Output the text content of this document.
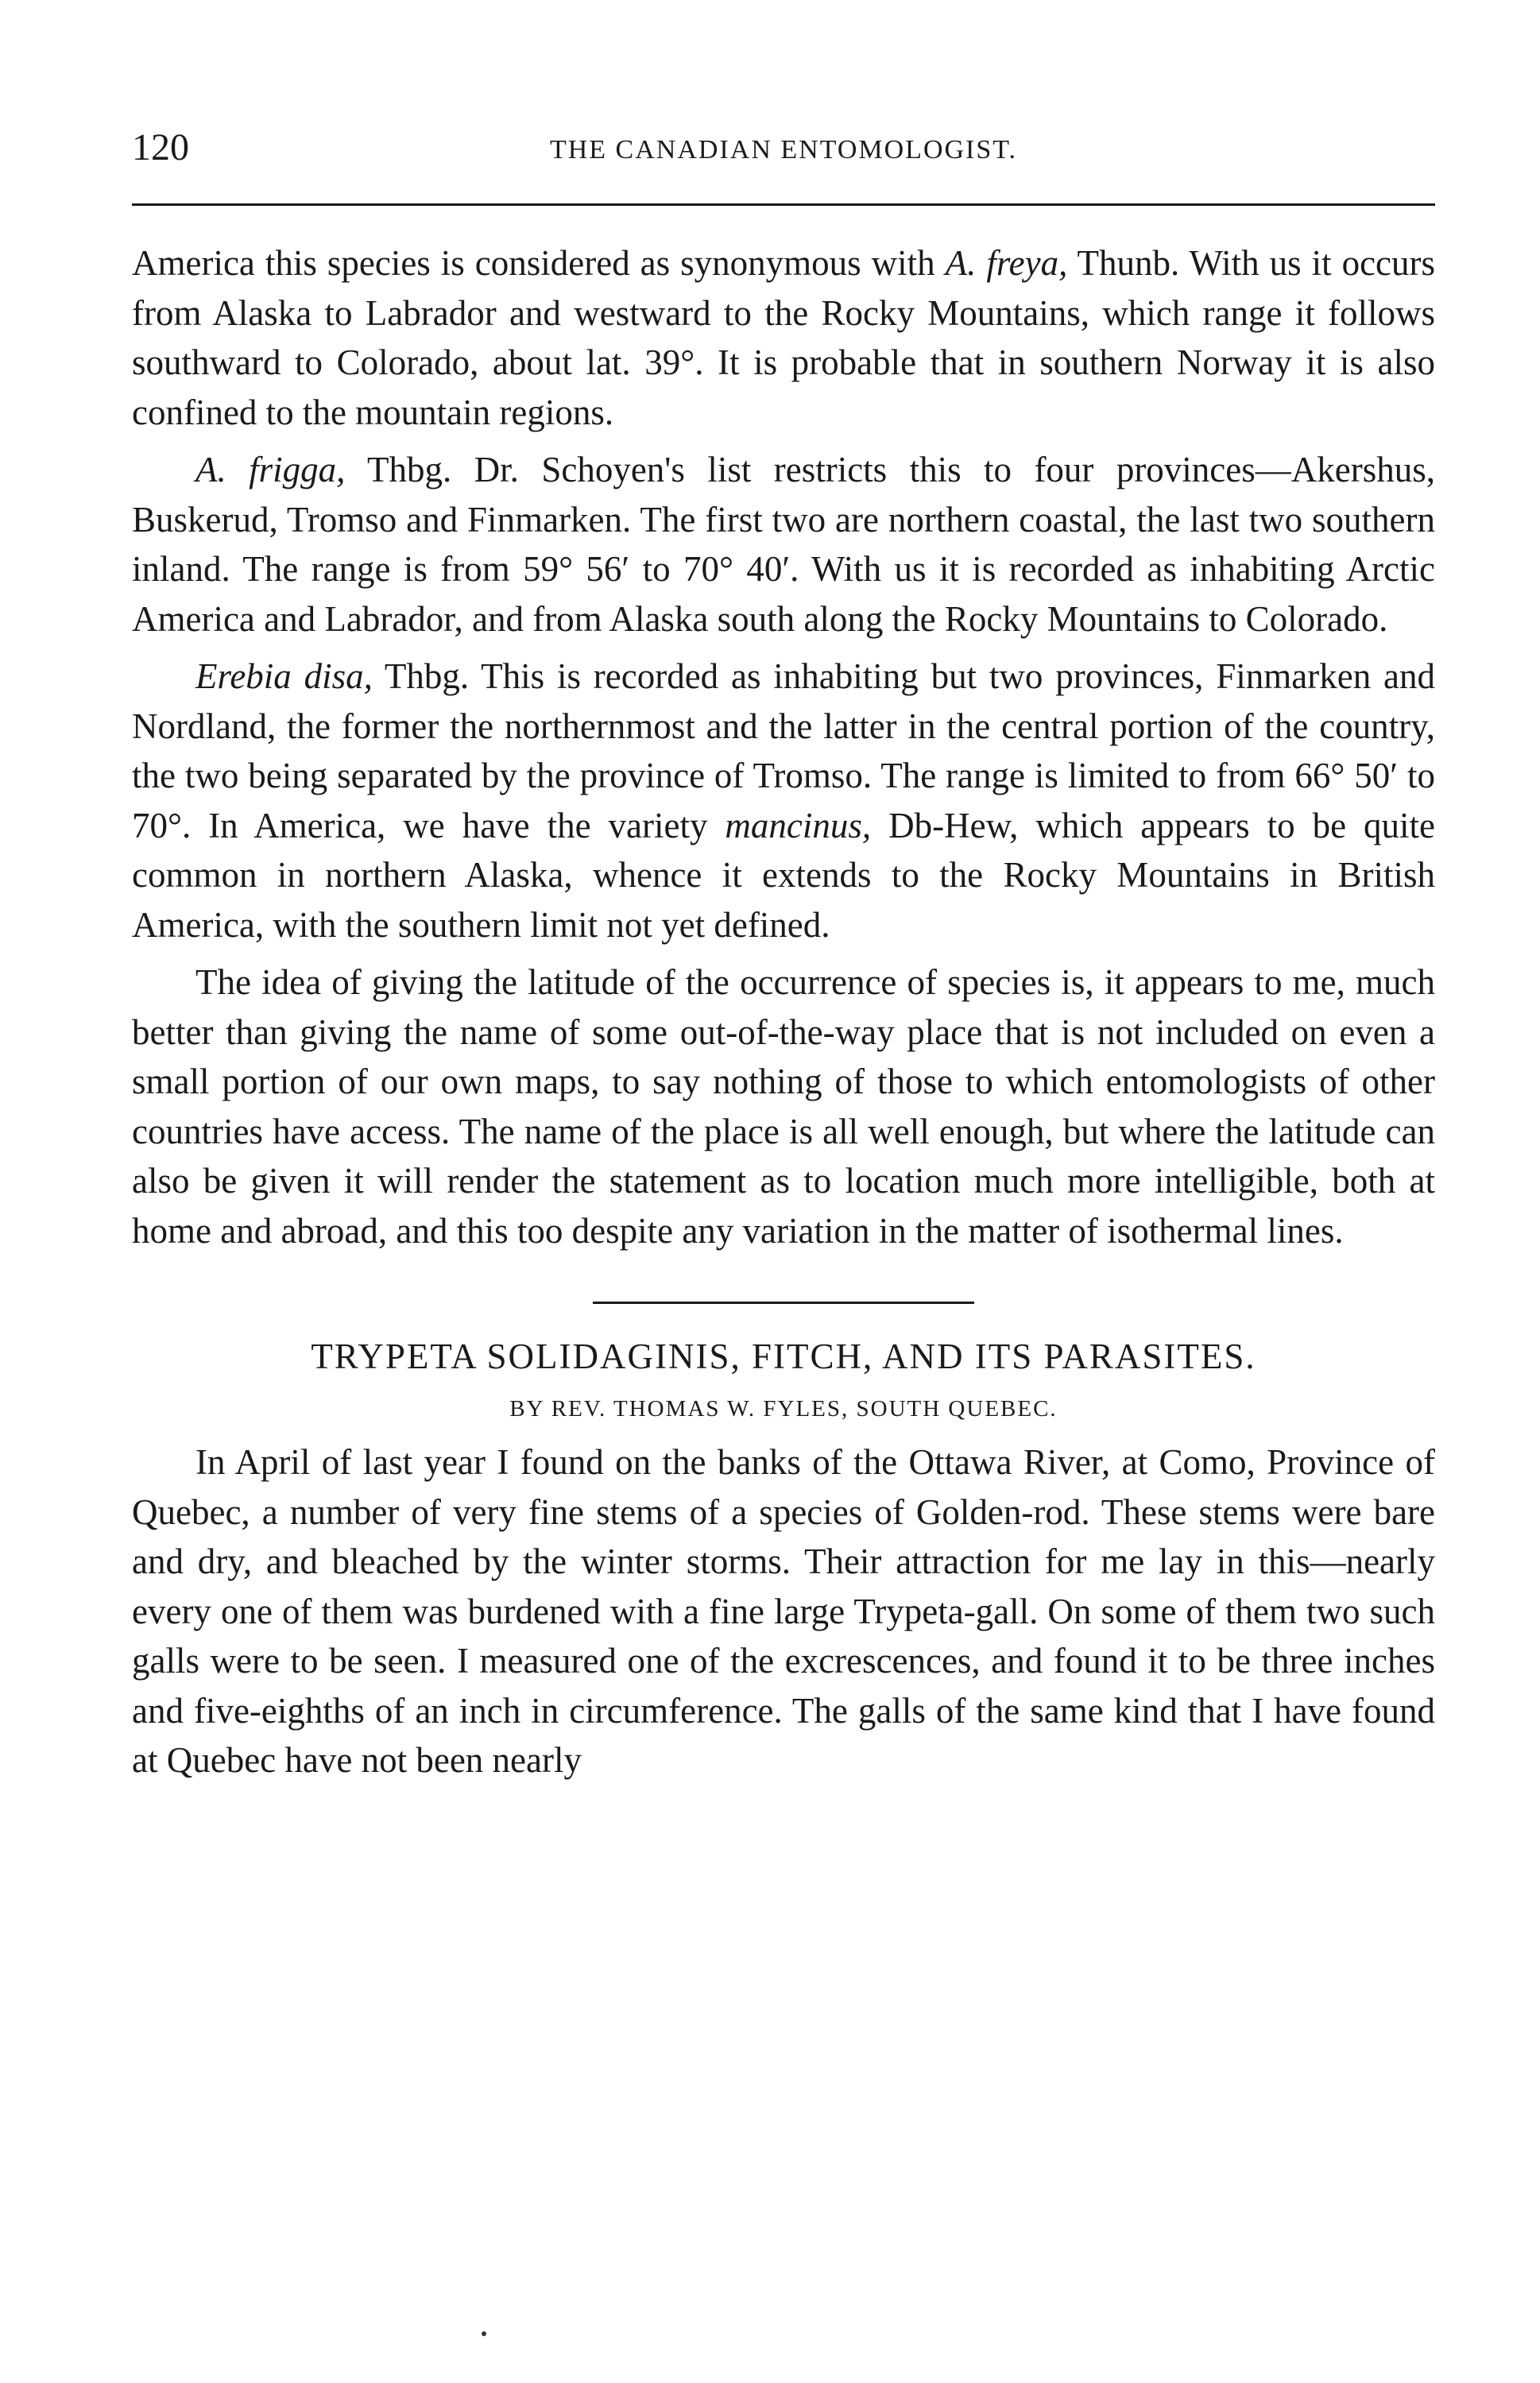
120	THE CANADIAN ENTOMOLOGIST.

America this species is considered as synonymous with A. freya, Thunb. With us it occurs from Alaska to Labrador and westward to the Rocky Mountains, which range it follows southward to Colorado, about lat. 39°. It is probable that in southern Norway it is also confined to the mountain regions.

A. frigga, Thbg. Dr. Schoyen's list restricts this to four provinces—Akershus, Buskerud, Tromso and Finmarken. The first two are northern coastal, the last two southern inland. The range is from 59° 56′ to 70° 40′. With us it is recorded as inhabiting Arctic America and Labrador, and from Alaska south along the Rocky Mountains to Colorado.

Erebia disa, Thbg. This is recorded as inhabiting but two provinces, Finmarken and Nordland, the former the northernmost and the latter in the central portion of the country, the two being separated by the province of Tromso. The range is limited to from 66° 50′ to 70°. In America, we have the variety mancinus, Db-Hew, which appears to be quite common in northern Alaska, whence it extends to the Rocky Mountains in British America, with the southern limit not yet defined.

The idea of giving the latitude of the occurrence of species is, it appears to me, much better than giving the name of some out-of-the-way place that is not included on even a small portion of our own maps, to say nothing of those to which entomologists of other countries have access. The name of the place is all well enough, but where the latitude can also be given it will render the statement as to location much more intelligible, both at home and abroad, and this too despite any variation in the matter of isothermal lines.

TRYPETA SOLIDAGINIS, FITCH, AND ITS PARASITES.
BY REV. THOMAS W. FYLES, SOUTH QUEBEC.

In April of last year I found on the banks of the Ottawa River, at Como, Province of Quebec, a number of very fine stems of a species of Golden-rod. These stems were bare and dry, and bleached by the winter storms. Their attraction for me lay in this—nearly every one of them was burdened with a fine large Trypeta-gall. On some of them two such galls were to be seen. I measured one of the excrescences, and found it to be three inches and five-eighths of an inch in circumference. The galls of the same kind that I have found at Quebec have not been nearly
